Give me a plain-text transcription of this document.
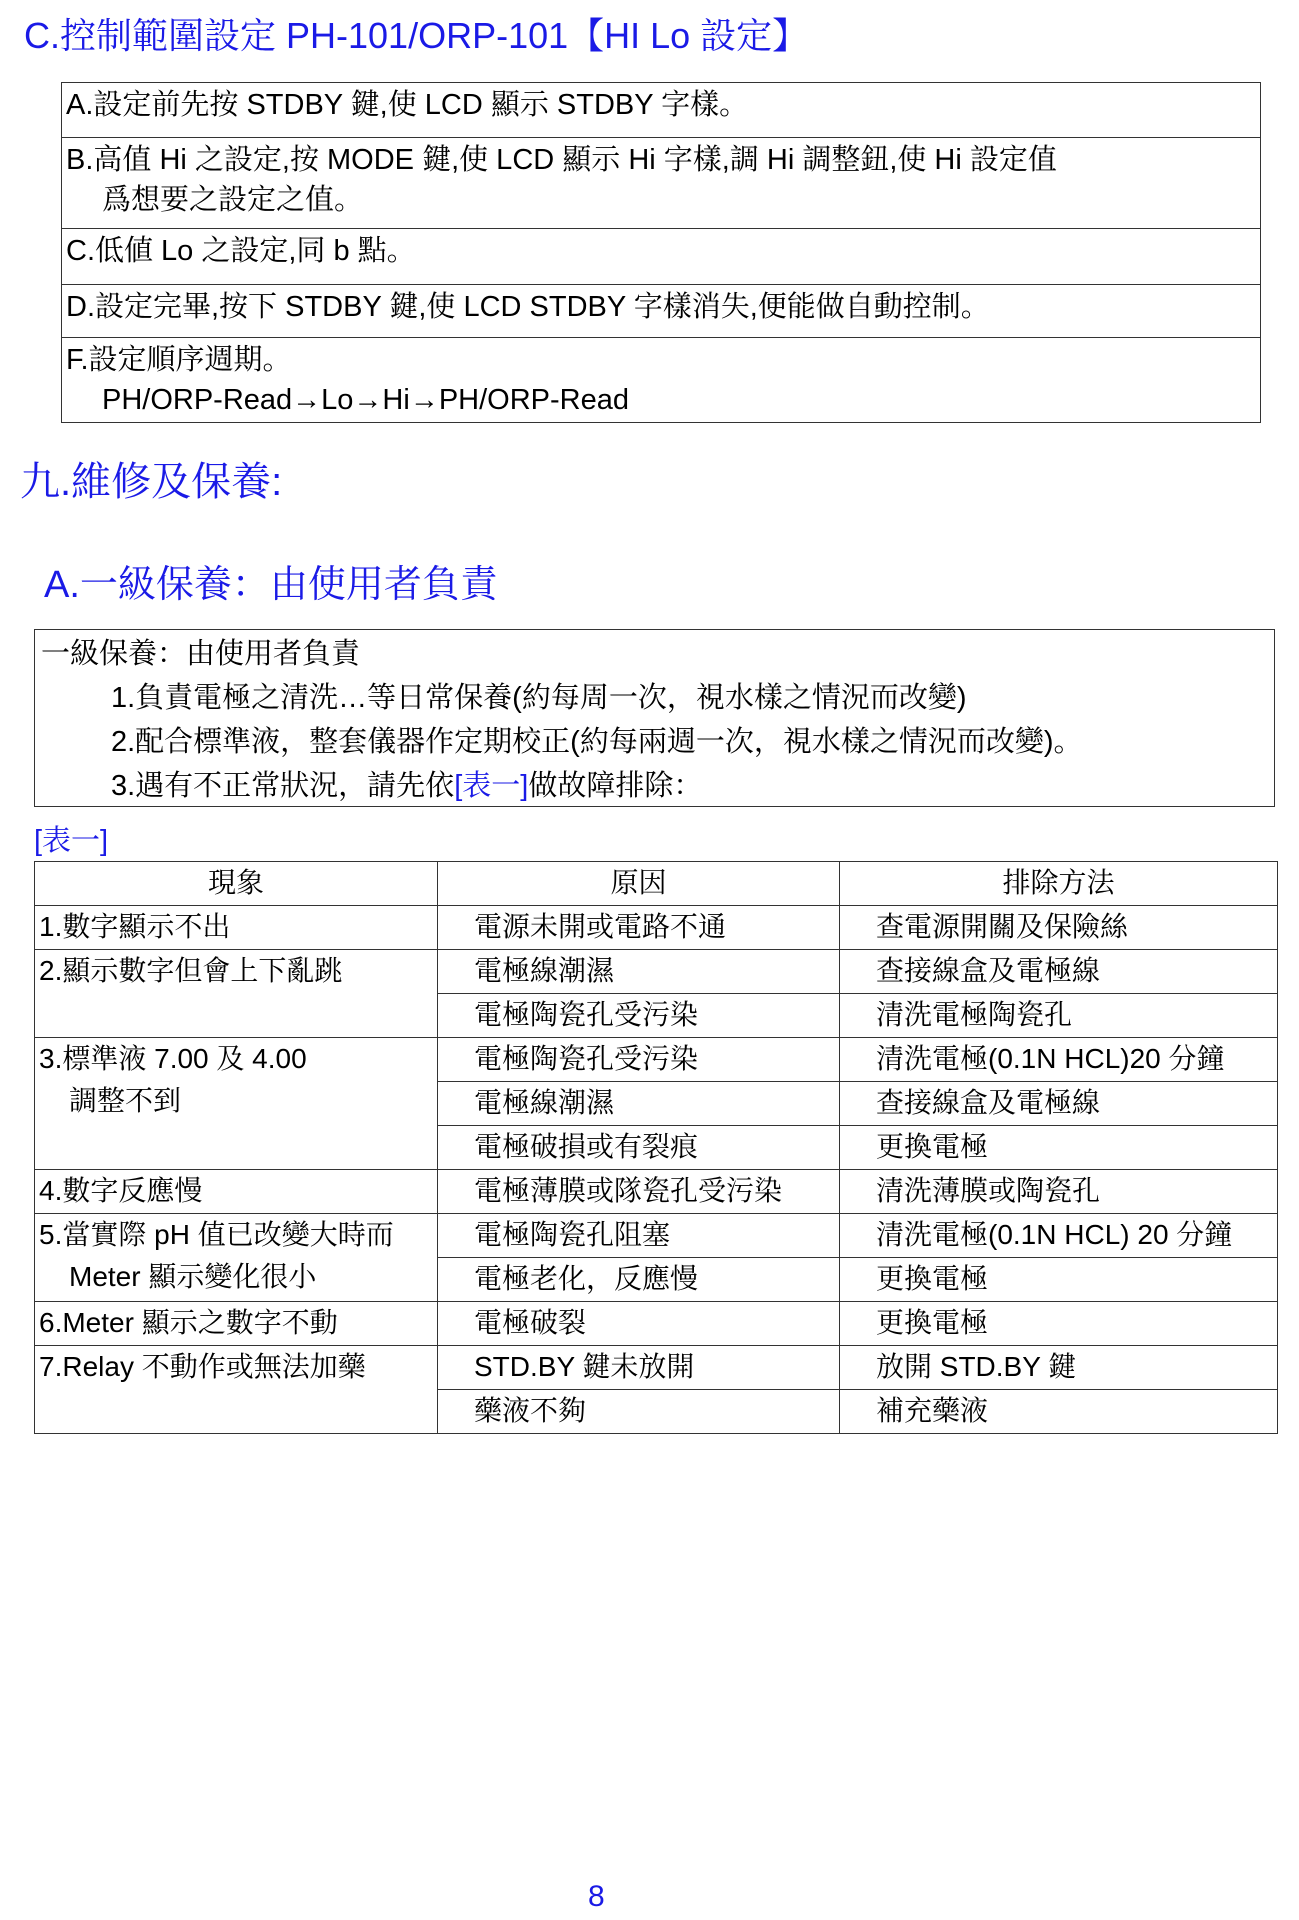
C.控制範圍設定 PH-101/ORP-101【HI Lo 設定】
A.設定前先按 STDBY 鍵,使 LCD 顯示 STDBY 字樣。

B.高值 Hi 之設定,按 MODE 鍵,使 LCD 顯示 Hi 字樣,調 Hi 調整鈕,使 Hi 設定值
爲想要之設定之值。

C.低値 Lo 之設定,同 b 點。
D.設定完畢,按下 STDBY 鍵,使 LCD STDBY 字樣消失,便能做自動控制。

F.設定順序週期。
PH/ORP-Read→Lo→Hi→PH/ORP-Read
九.維修及保養:
A.一級保養：由使用者負責
一級保養：由使用者負責
1.負責電極之清洗…等日常保養(約每周一次，視水樣之情況而改變)
2.配合標準液，整套儀器作定期校正(約每兩週一次，視水樣之情況而改變)。
3.遇有不正常狀況，請先依[表一]做故障排除：
[表一]
現象	原因	排除方法
1.數字顯示不出	電源未開或電路不通	查電源開關及保險絲
2.顯示數字但會上下亂跳	電極線潮濕	查接線盒及電極線
	電極陶瓷孔受污染	清洗電極陶瓷孔

3.標準液 7.00 及 4.00
調整不到	電極陶瓷孔受污染	清洗電極(0.1N HCL)20 分鐘
	電極線潮濕	查接線盒及電極線
	電極破損或有裂痕	更換電極
4.數字反應慢	電極薄膜或隊瓷孔受污染	清洗薄膜或陶瓷孔

5.當實際 pH 值已改變大時而
Meter 顯示變化很小	電極陶瓷孔阻塞	清洗電極(0.1N HCL) 20 分鐘
	電極老化，反應慢	更換電極
6.Meter 顯示之數字不動	電極破裂	更換電極
7.Relay 不動作或無法加藥	STD.BY 鍵未放開	放開 STD.BY 鍵
	藥液不夠	補充藥液
8
